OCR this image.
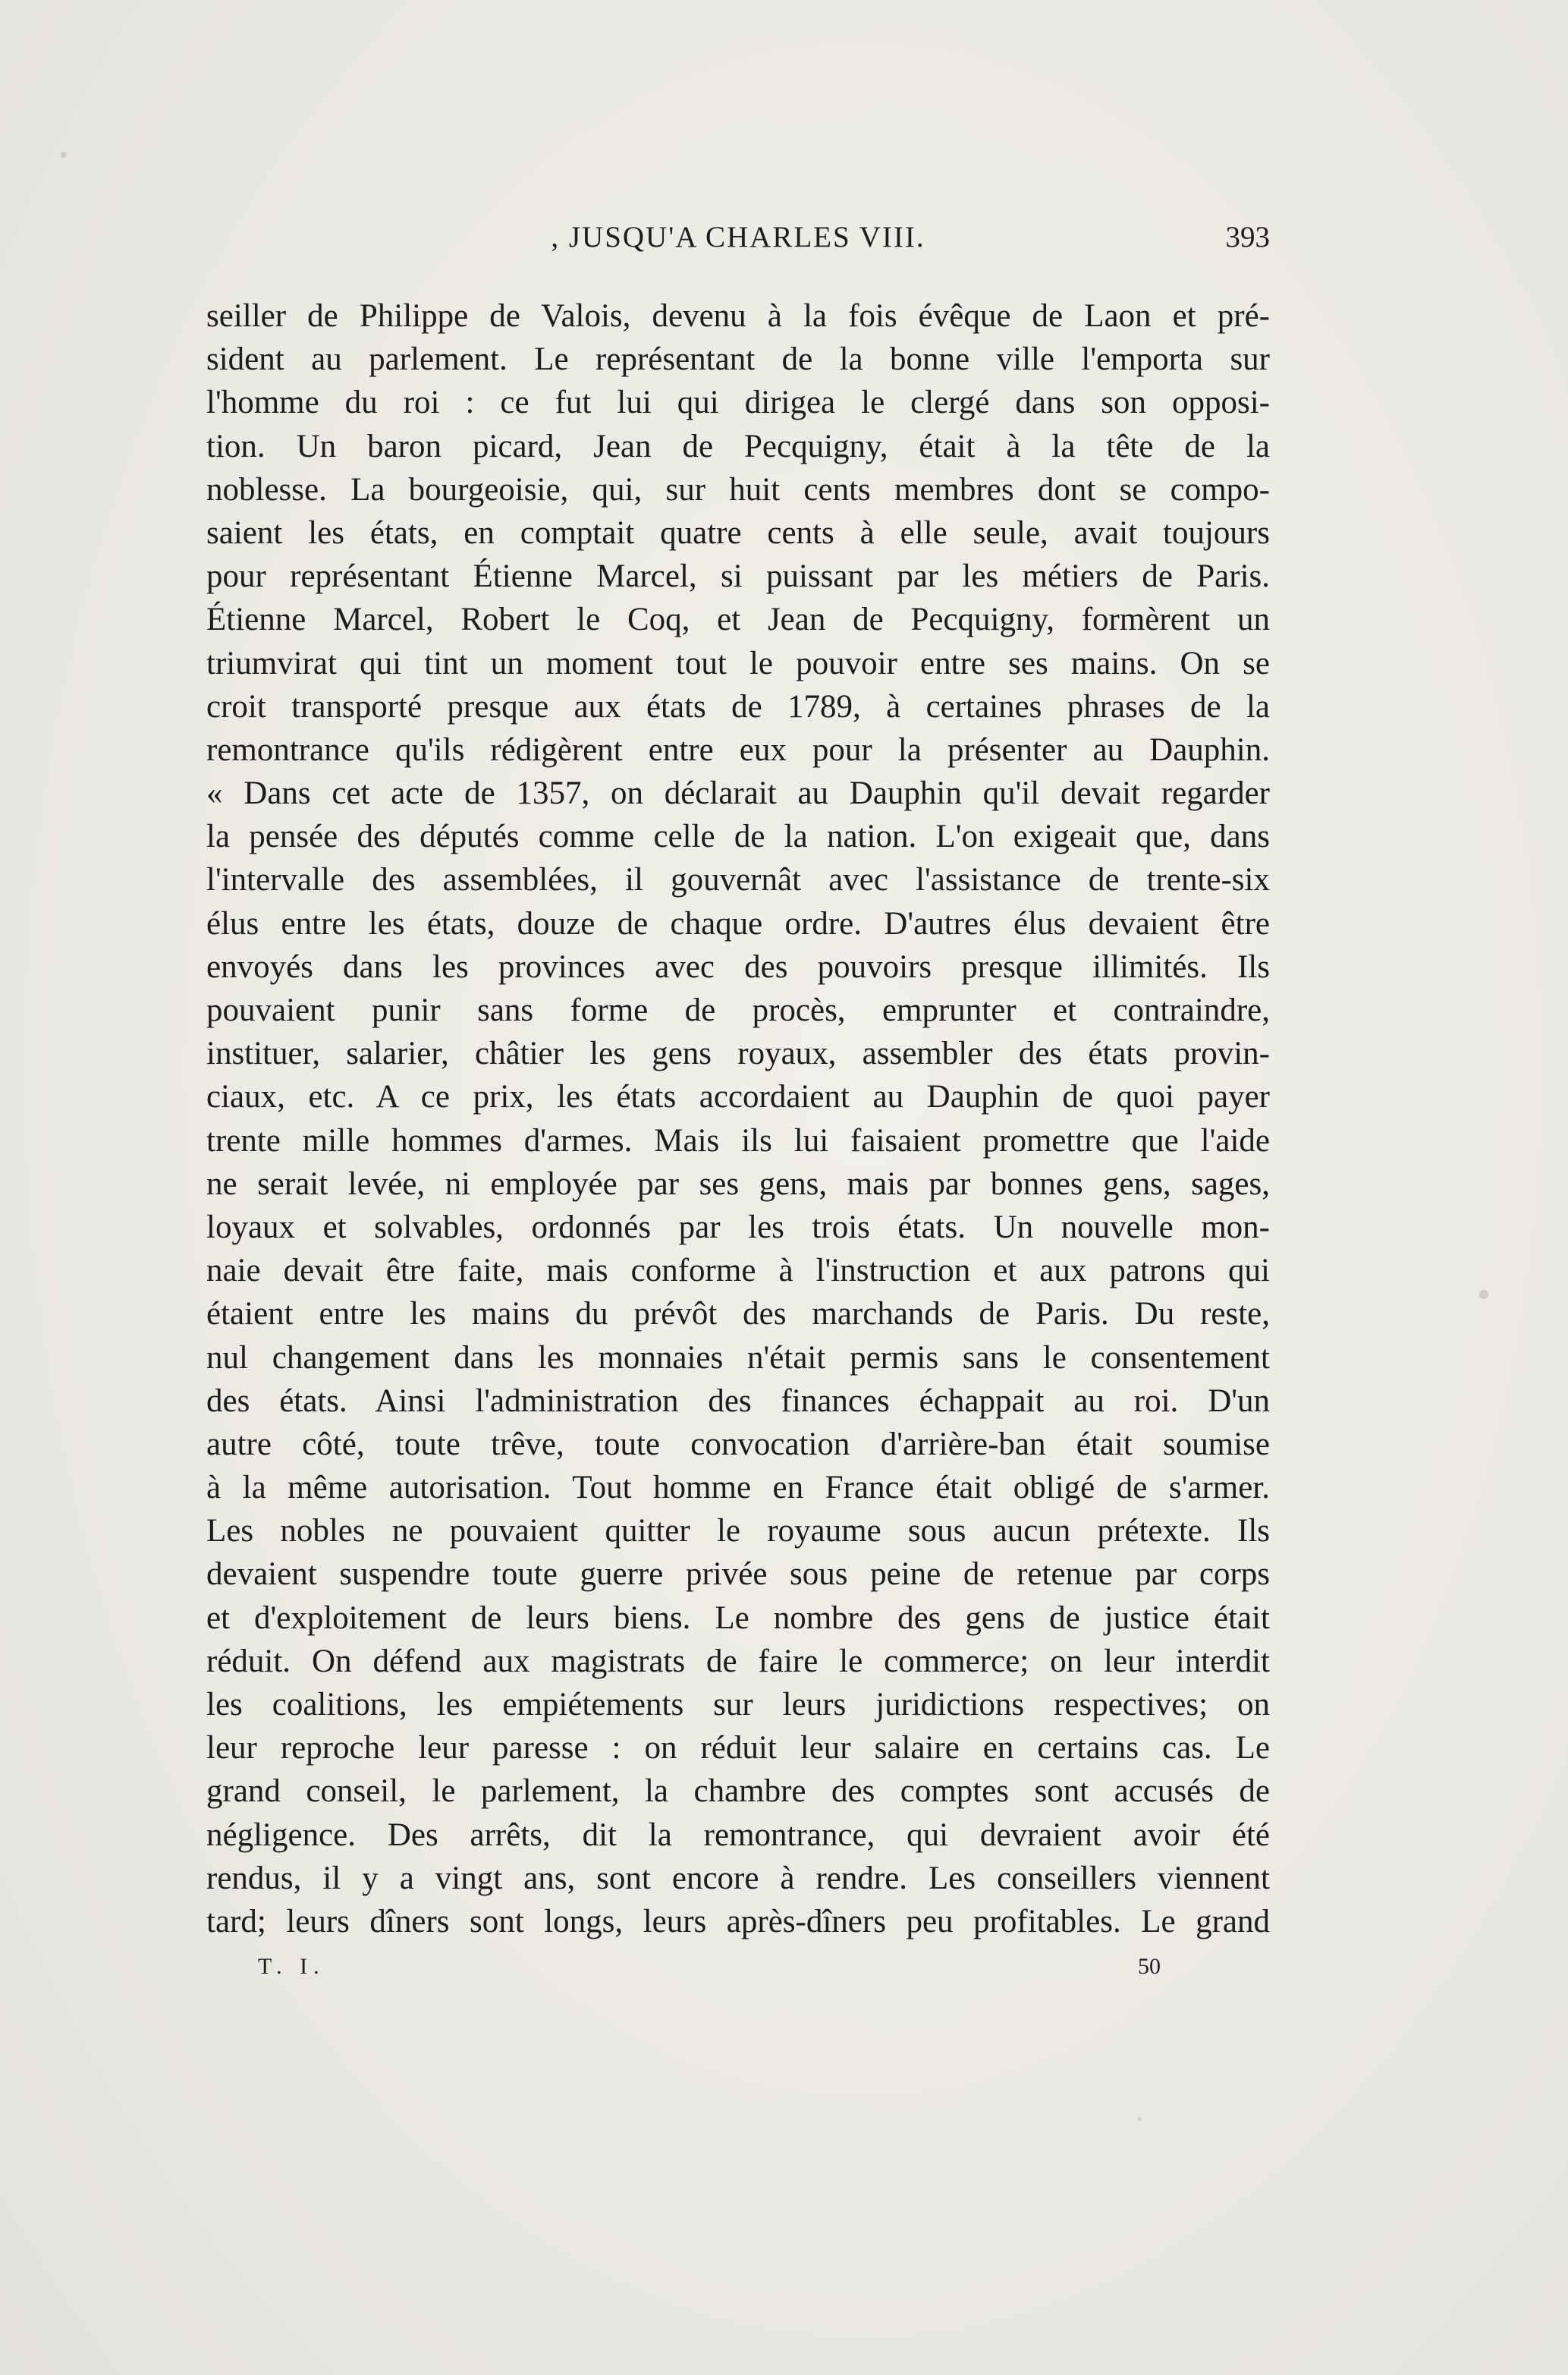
, JUSQU'A CHARLES VIII.	393
seiller de Philippe de Valois, devenu à la fois évêque de Laon et pré-
sident au parlement. Le représentant de la bonne ville l'emporta sur
l'homme du roi : ce fut lui qui dirigea le clergé dans son opposi-
tion. Un baron picard, Jean de Pecquigny, était à la tête de la
noblesse. La bourgeoisie, qui, sur huit cents membres dont se compo-
saient les états, en comptait quatre cents à elle seule, avait toujours
pour représentant Étienne Marcel, si puissant par les métiers de Paris.
Étienne Marcel, Robert le Coq, et Jean de Pecquigny, formèrent un
triumvirat qui tint un moment tout le pouvoir entre ses mains. On se
croit transporté presque aux états de 1789, à certaines phrases de la
remontrance qu'ils rédigèrent entre eux pour la présenter au Dauphin.
« Dans cet acte de 1357, on déclarait au Dauphin qu'il devait regarder
la pensée des députés comme celle de la nation. L'on exigeait que, dans
l'intervalle des assemblées, il gouvernât avec l'assistance de trente-six
élus entre les états, douze de chaque ordre. D'autres élus devaient être
envoyés dans les provinces avec des pouvoirs presque illimités. Ils
pouvaient punir sans forme de procès, emprunter et contraindre,
instituer, salarier, châtier les gens royaux, assembler des états provin-
ciaux, etc. A ce prix, les états accordaient au Dauphin de quoi payer
trente mille hommes d'armes. Mais ils lui faisaient promettre que l'aide
ne serait levée, ni employée par ses gens, mais par bonnes gens, sages,
loyaux et solvables, ordonnés par les trois états. Un nouvelle mon-
naie devait être faite, mais conforme à l'instruction et aux patrons qui
étaient entre les mains du prévôt des marchands de Paris. Du reste,
nul changement dans les monnaies n'était permis sans le consentement
des états. Ainsi l'administration des finances échappait au roi. D'un
autre côté, toute trêve, toute convocation d'arrière-ban était soumise
à la même autorisation. Tout homme en France était obligé de s'armer.
Les nobles ne pouvaient quitter le royaume sous aucun prétexte. Ils
devaient suspendre toute guerre privée sous peine de retenue par corps
et d'exploitement de leurs biens. Le nombre des gens de justice était
réduit. On défend aux magistrats de faire le commerce; on leur interdit
les coalitions, les empiétements sur leurs juridictions respectives; on
leur reproche leur paresse : on réduit leur salaire en certains cas. Le
grand conseil, le parlement, la chambre des comptes sont accusés de
négligence. Des arrêts, dit la remontrance, qui devraient avoir été
rendus, il y a vingt ans, sont encore à rendre. Les conseillers viennent
tard; leurs dîners sont longs, leurs après-dîners peu profitables. Le grand
T. I.	50
